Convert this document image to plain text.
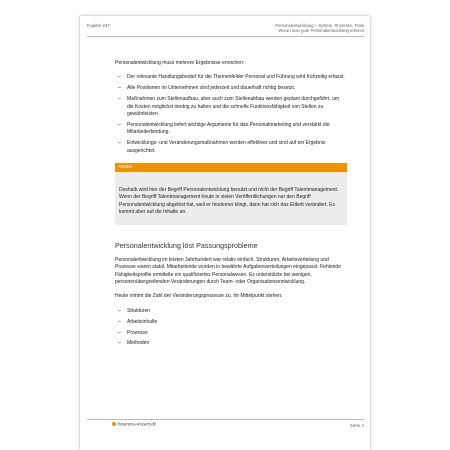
Kapitel 247	Personalentwicklung – System, Prozesse, Tools
Woran man gute Personalentwicklung erkennt

Personalentwicklung muss mehrere Ergebnisse erreichen:

– Der relevante Handlungsbedarf für die Themenfelder Personal und Führung wird frühzeitig erfasst.
– Alle Positionen im Unternehmen sind jederzeit und dauerhaft richtig besetzt.
– Maßnahmen zum Stellenaufbau, aber auch zum Stellenabbau werden geplant durchgeführt, um die Kosten möglichst niedrig zu halten und die schnelle Funktionsfähigkeit von Stellen zu gewährleisten.
– Personalentwicklung liefert wichtige Argumente für das Personalmarketing und verstärkt die Mitarbeiterbindung.
– Entwicklungs- und Veränderungsmaßnahmen werden effektiver und sind auf ein Ergebnis ausgerichtet.
Merke
Deshalb wird hier der Begriff Personalentwicklung benutzt und nicht der Begriff Talentmanagement. Wenn der Begriff Talentmanagement heute in vielen Veröffentlichungen nur den Begriff Personalentwicklung abgelöst hat, weil er moderner klingt, dann hat sich das Etikett verändert. Es kommt aber auf die Inhalte an.
Personalentwicklung löst Passungsprobleme

Personalentwicklung im letzten Jahrhundert war relativ einfach. Strukturen, Arbeitsverteilung und Prozesse waren stabil. Mitarbeitende wurden in bewährte Aufgabenverteilungen eingepasst. Fehlende Fähigkeitsprofile ermittelte ein qualifiziertes Personalwesen. Es unterstützte bei wenigen, personenübergreifenden Veränderungen durch Team- oder Organisationsentwicklung.

Heute nimmt die Zahl der Veränderungsprozesse zu. Im Mittelpunkt stehen:

– Strukturen
– Arbeitsinhalte
– Prozesse
– Methoden
business-wissen.de	Seite 4
